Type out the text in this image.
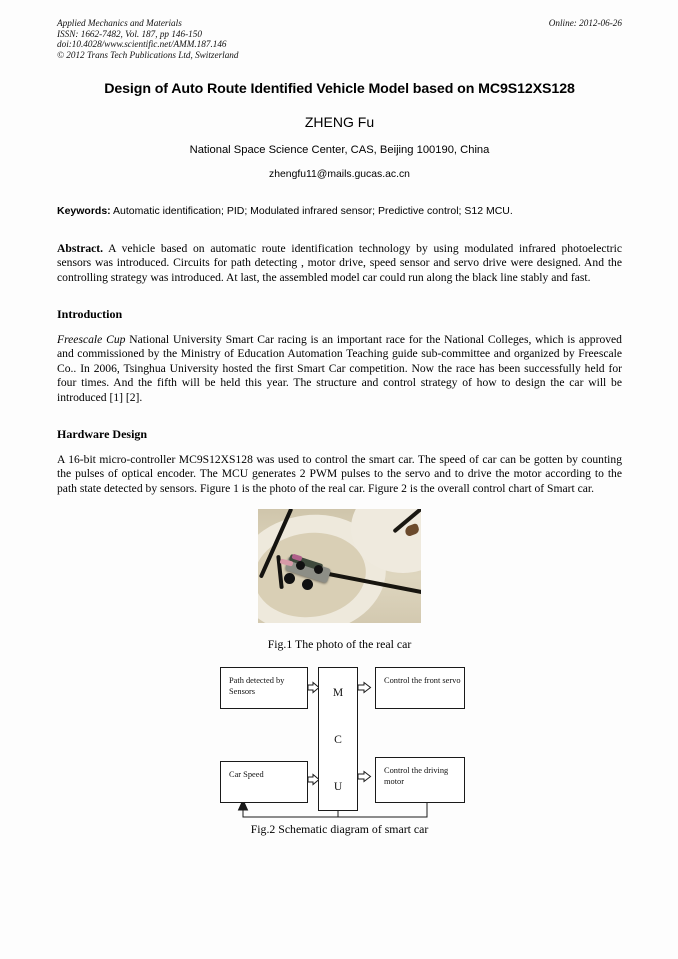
Online: 2012-06-26
Applied Mechanics and Materials
ISSN: 1662-7482, Vol. 187, pp 146-150
doi:10.4028/www.scientific.net/AMM.187.146
© 2012 Trans Tech Publications Ltd, Switzerland
Design of Auto Route Identified Vehicle Model based on MC9S12XS128
ZHENG Fu
National Space Science Center, CAS, Beijing 100190, China
zhengfu11@mails.gucas.ac.cn
Keywords: Automatic identification; PID; Modulated infrared sensor; Predictive control; S12 MCU.
Abstract. A vehicle based on automatic route identification technology by using modulated infrared photoelectric sensors was introduced. Circuits for path detecting , motor drive, speed sensor and servo drive were designed. And the controlling strategy was introduced. At last, the assembled model car could run along the black line stably and fast.
Introduction
Freescale Cup National University Smart Car racing is an important race for the National Colleges, which is approved and commissioned by the Ministry of Education Automation Teaching guide sub-committee and organized by Freescale Co.. In 2006, Tsinghua University hosted the first Smart Car competition. Now the race has been successfully held for four times. And the fifth will be held this year. The structure and control strategy of how to design the car will be introduced [1] [2].
Hardware Design
A 16-bit micro-controller MC9S12XS128 was used to control the smart car. The speed of car can be gotten by counting the pulses of optical encoder. The MCU generates 2 PWM pulses to the servo and to drive the motor according to the path state detected by sensors. Figure 1 is the photo of the real car. Figure 2 is the overall control chart of Smart car.
Fig.1 The photo of the real car
Path detected by Sensors	M
C
U
Control the front servo
Car Speed	Control the driving motor
Fig.2 Schematic diagram of smart car
